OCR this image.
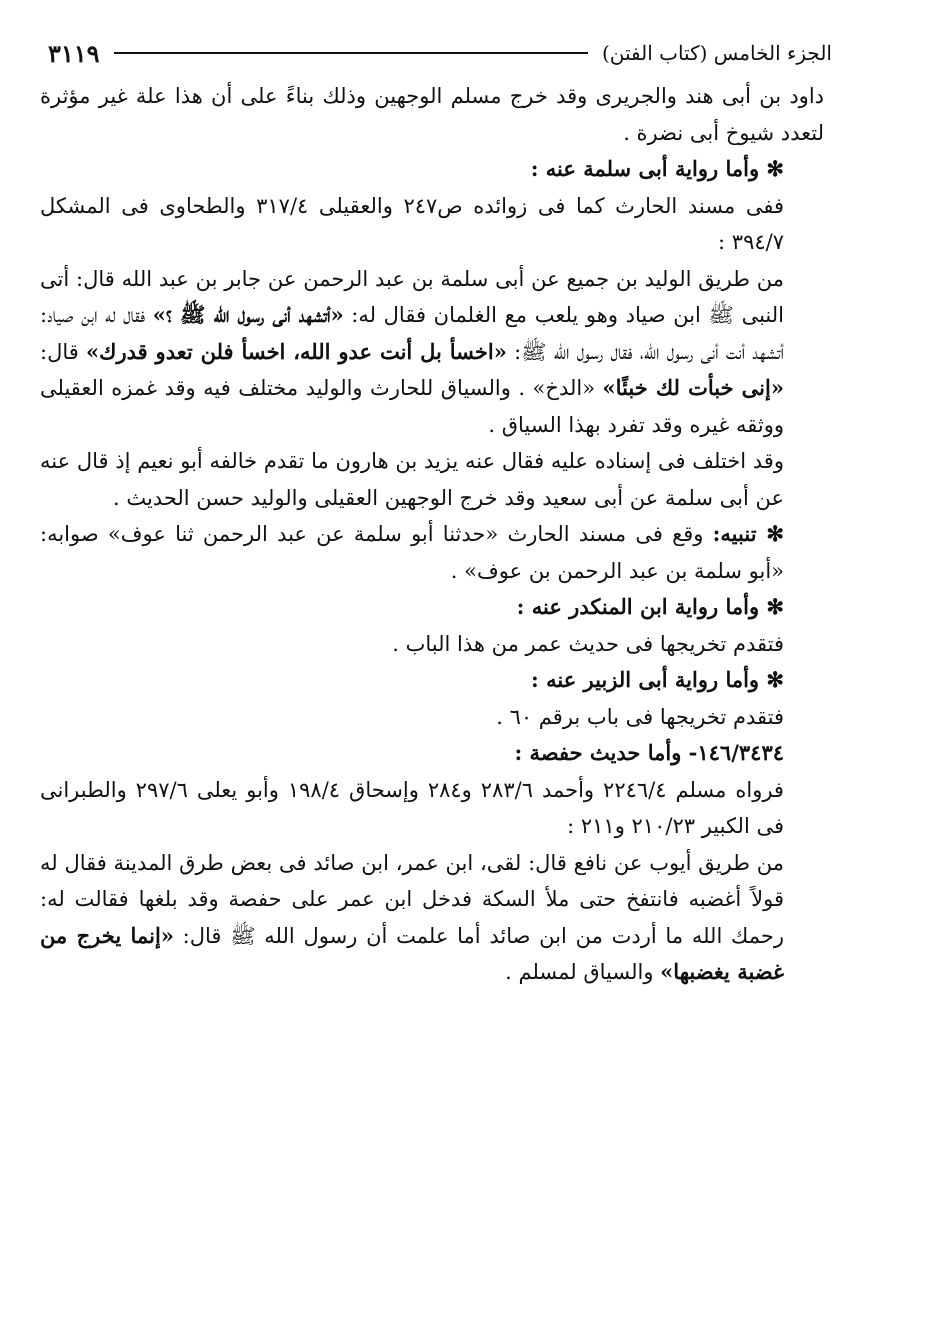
الجزء الخامس (كتاب الفتن)
٣١١٩

داود بن أبى هند والجريرى وقد خرج مسلم الوجهين وذلك بناءً على أن هذا علة غير مؤثرة لتعدد شيوخ أبى نضرة .

✻ وأما رواية أبى سلمة عنه :

ففى مسند الحارث كما فى زوائده ص٢٤٧ والعقيلى ٣١٧/٤ والطحاوى فى المشكل ٣٩٤/٧ :

من طريق الوليد بن جميع عن أبى سلمة بن عبد الرحمن عن جابر بن عبد الله قال: أتى النبى ﷺ ابن صياد وهو يلعب مع الغلمان فقال له: «أتشهد أنى رسول الله ﷺ ؟» فقال له ابن صياد: أتشهد أنت أنى رسول الله، فقال رسول الله ﷺ: «اخسأ بل أنت عدو الله، اخسأ فلن تعدو قدرك» قال: «إنى خبأت لك خبئًا» «الدخ» . والسياق للحارث والوليد مختلف فيه وقد غمزه العقيلى ووثقه غيره وقد تفرد بهذا السياق .

وقد اختلف فى إسناده عليه فقال عنه يزيد بن هارون ما تقدم خالفه أبو نعيم إذ قال عنه عن أبى سلمة عن أبى سعيد وقد خرج الوجهين العقيلى والوليد حسن الحديث .

✻ تنبيه: وقع فى مسند الحارث «حدثنا أبو سلمة عن عبد الرحمن ثنا عوف» صوابه: «أبو سلمة بن عبد الرحمن بن عوف» .

✻ وأما رواية ابن المنكدر عنه :

فتقدم تخريجها فى حديث عمر من هذا الباب .

✻ وأما رواية أبى الزبير عنه :

فتقدم تخريجها فى باب برقم ٦٠ .

١٤٦/٣٤٣٤- وأما حديث حفصة :

فرواه مسلم ٢٢٤٦/٤ وأحمد ٢٨٣/٦ و٢٨٤ وإسحاق ١٩٨/٤ وأبو يعلى ٢٩٧/٦ والطبرانى فى الكبير ٢١٠/٢٣ و٢١١ :

من طريق أيوب عن نافع قال: لقى، ابن عمر، ابن صائد فى بعض طرق المدينة فقال له قولاً أغضبه فانتفخ حتى ملأ السكة فدخل ابن عمر على حفصة وقد بلغها فقالت له: رحمك الله ما أردت من ابن صائد أما علمت أن رسول الله ﷺ قال: «إنما يخرج من غضبة يغضبها» والسياق لمسلم .
